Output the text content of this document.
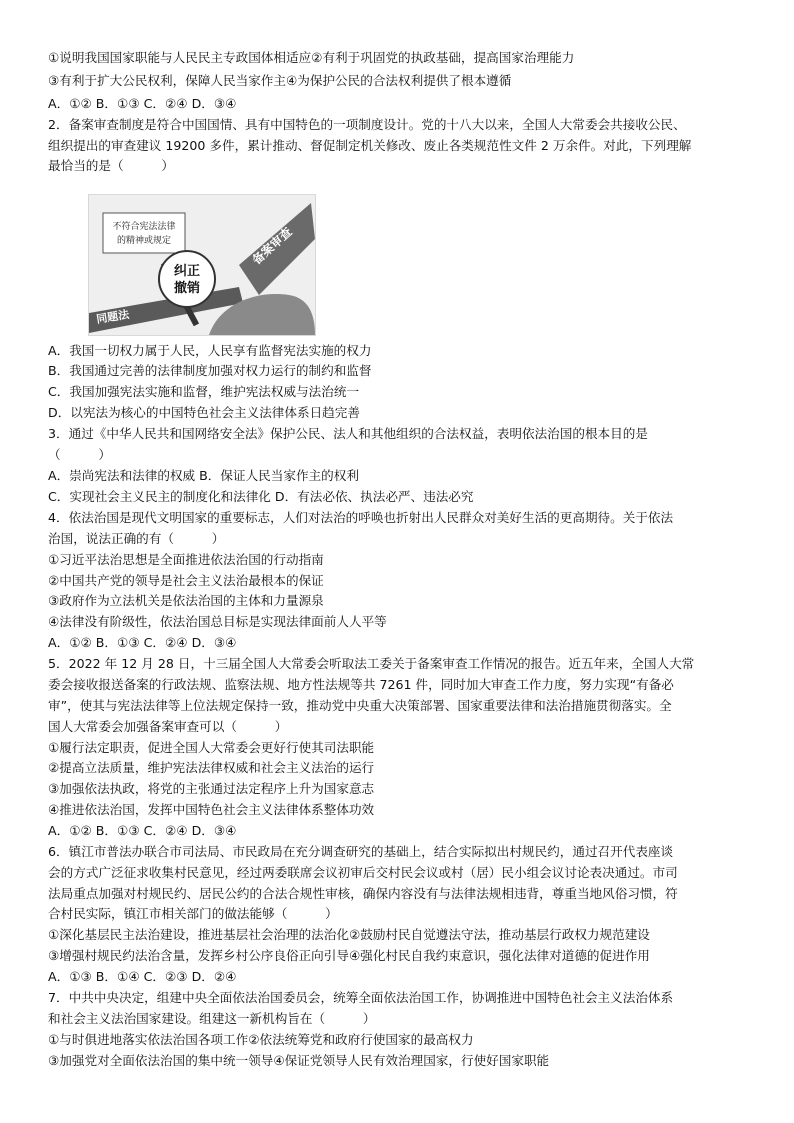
①说明我国国家职能与人民民主专政国体相适应②有利于巩固党的执政基础，提高国家治理能力
③有利于扩大公民权利，保障人民当家作主④为保护公民的合法权利提供了根本遵循
A．①② B．①③ C．②④ D．③④
2．备案审查制度是符合中国国情、具有中国特色的一项制度设计。党的十八大以来，全国人大常委会共接收公民、
组织提出的审查建议 19200 多件，累计推动、督促制定机关修改、废止各类规范性文件 2 万余件。对此，下列理解
最恰当的是（　　　）
不符合宪法法律
的精神或规定
同题法
备案审查
纠正
撤销
A．我国一切权力属于人民，人民享有监督宪法实施的权力
B．我国通过完善的法律制度加强对权力运行的制约和监督
C．我国加强宪法实施和监督，维护宪法权威与法治统一
D．以宪法为核心的中国特色社会主义法律体系日趋完善
3．通过《中华人民共和国网络安全法》保护公民、法人和其他组织的合法权益，表明依法治国的根本目的是
（　　　）
A．崇尚宪法和法律的权威 B．保证人民当家作主的权利
C．实现社会主义民主的制度化和法律化 D．有法必依、执法必严、违法必究
4．依法治国是现代文明国家的重要标志，人们对法治的呼唤也折射出人民群众对美好生活的更高期待。关于依法
治国，说法正确的有（　　　）
①习近平法治思想是全面推进依法治国的行动指南
②中国共产党的领导是社会主义法治最根本的保证
③政府作为立法机关是依法治国的主体和力量源泉
④法律没有阶级性，依法治国总目标是实现法律面前人人平等
A．①② B．①③ C．②④ D．③④
5．2022 年 12 月 28 日，十三届全国人大常委会听取法工委关于备案审查工作情况的报告。近五年来，全国人大常
委会接收报送备案的行政法规、监察法规、地方性法规等共 7261 件，同时加大审查工作力度，努力实现“有备必
审”，使其与宪法法律等上位法规定保持一致，推动党中央重大决策部署、国家重要法律和法治措施贯彻落实。全
国人大常委会加强备案审查可以（　　　）
①履行法定职责，促进全国人大常委会更好行使其司法职能
②提高立法质量，维护宪法法律权威和社会主义法治的运行
③加强依法执政，将党的主张通过法定程序上升为国家意志
④推进依法治国，发挥中国特色社会主义法律体系整体功效
A．①② B．①③ C．②④ D．③④
6．镇江市普法办联合市司法局、市民政局在充分调查研究的基础上，结合实际拟出村规民约，通过召开代表座谈
会的方式广泛征求收集村民意见，经过两委联席会议初审后交村民会议或村（居）民小组会议讨论表决通过。市司
法局重点加强对村规民约、居民公约的合法合规性审核，确保内容没有与法律法规相违背，尊重当地风俗习惯，符
合村民实际，镇江市相关部门的做法能够（　　　）
①深化基层民主法治建设，推进基层社会治理的法治化②鼓励村民自觉遵法守法，推动基层行政权力规范建设
③增强村规民约法治含量，发挥乡村公序良俗正向引导④强化村民自我约束意识，强化法律对道德的促进作用
A．①③ B．①④ C．②③ D．②④
7．中共中央决定，组建中央全面依法治国委员会，统筹全面依法治国工作，协调推进中国特色社会主义法治体系
和社会主义法治国家建设。组建这一新机构旨在（　　　）
①与时俱进地落实依法治国各项工作②依法统筹党和政府行使国家的最高权力
③加强党对全面依法治国的集中统一领导④保证党领导人民有效治理国家，行使好国家职能
